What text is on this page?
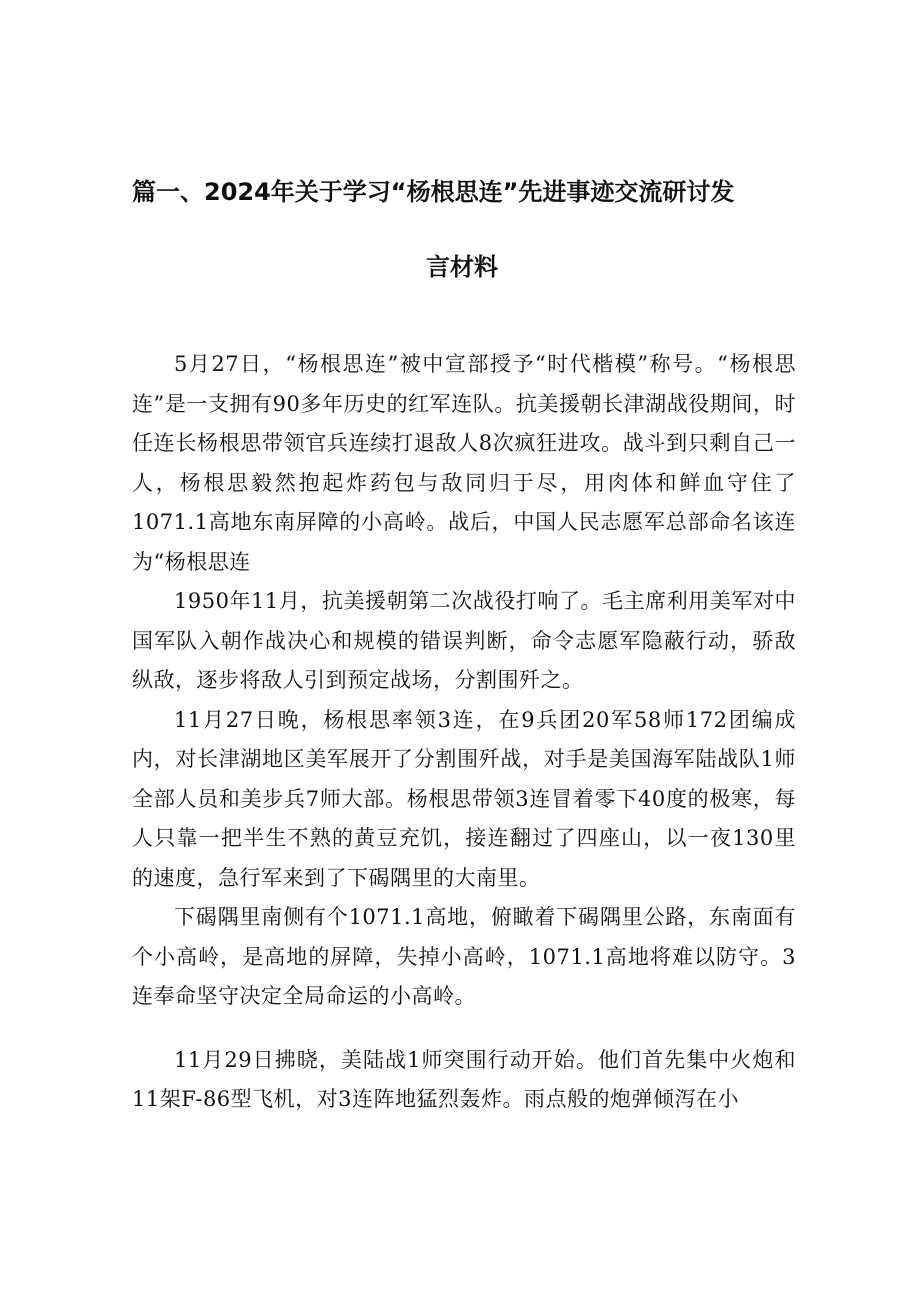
篇一、2024年关于学习“杨根思连”先进事迹交流研讨发
言材料

5月27日，“杨根思连”被中宣部授予“时代楷模”称号。“杨根思连”是一支拥有90多年历史的红军连队。抗美援朝长津湖战役期间，时任连长杨根思带领官兵连续打退敌人8次疯狂进攻。战斗到只剩自己一人，杨根思毅然抱起炸药包与敌同归于尽，用肉体和鲜血守住了1071.1高地东南屏障的小高岭。战后，中国人民志愿军总部命名该连为“杨根思连

1950年11月，抗美援朝第二次战役打响了。毛主席利用美军对中国军队入朝作战决心和规模的错误判断，命令志愿军隐蔽行动，骄敌纵敌，逐步将敌人引到预定战场，分割围歼之。

11月27日晚，杨根思率领3连，在9兵团20军58师172团编成内，对长津湖地区美军展开了分割围歼战，对手是美国海军陆战队1师全部人员和美步兵7师大部。杨根思带领3连冒着零下40度的极寒，每人只靠一把半生不熟的黄豆充饥，接连翻过了四座山，以一夜130里的速度，急行军来到了下碣隅里的大南里。

下碣隅里南侧有个1071.1高地，俯瞰着下碣隅里公路，东南面有个小高岭，是高地的屏障，失掉小高岭，1071.1高地将难以防守。3连奉命坚守决定全局命运的小高岭。

11月29日拂晓，美陆战1师突围行动开始。他们首先集中火炮和11架F-86型飞机，对3连阵地猛烈轰炸。雨点般的炮弹倾泻在小
